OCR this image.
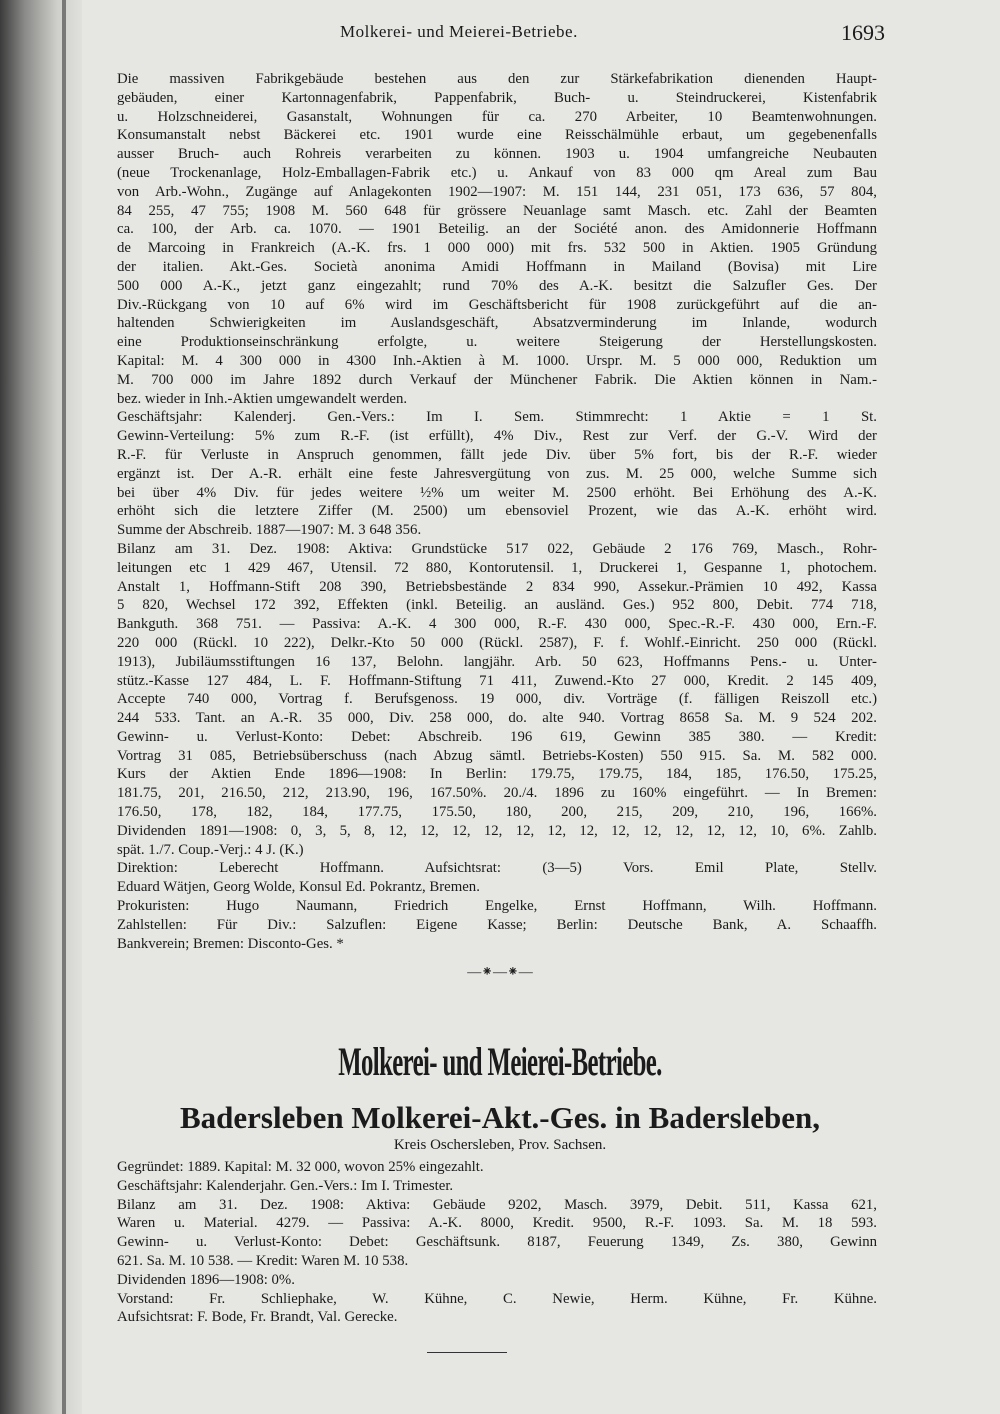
Molkerei- und Meierei-Betriebe.	1693
Die massiven Fabrikgebäude bestehen aus den zur Stärkefabrikation dienenden Haupt-
gebäuden, einer Kartonnagenfabrik, Pappenfabrik, Buch- u. Steindruckerei, Kistenfabrik
u. Holzschneiderei, Gasanstalt, Wohnungen für ca. 270 Arbeiter, 10 Beamtenwohnungen.
Konsumanstalt nebst Bäckerei etc. 1901 wurde eine Reisschälmühle erbaut, um gegebenenfalls
ausser Bruch- auch Rohreis verarbeiten zu können. 1903 u. 1904 umfangreiche Neubauten
(neue Trockenanlage, Holz-Emballagen-Fabrik etc.) u. Ankauf von 83 000 qm Areal zum Bau
von Arb.-Wohn., Zugänge auf Anlagekonten 1902—1907: M. 151 144, 231 051, 173 636, 57 804,
84 255, 47 755; 1908 M. 560 648 für grössere Neuanlage samt Masch. etc. Zahl der Beamten
ca. 100, der Arb. ca. 1070. — 1901 Beteilig. an der Société anon. des Amidonnerie Hoffmann
de Marcoing in Frankreich (A.-K. frs. 1 000 000) mit frs. 532 500 in Aktien. 1905 Gründung
der italien. Akt.-Ges. Società anonima Amidi Hoffmann in Mailand (Bovisa) mit Lire
500 000 A.-K., jetzt ganz eingezahlt; rund 70% des A.-K. besitzt die Salzufler Ges. Der
Div.-Rückgang von 10 auf 6% wird im Geschäftsbericht für 1908 zurückgeführt auf die an-
haltenden Schwierigkeiten im Auslandsgeschäft, Absatzverminderung im Inlande, wodurch
eine Produktionseinschränkung erfolgte, u. weitere Steigerung der Herstellungskosten.
Kapital: M. 4 300 000 in 4300 Inh.-Aktien à M. 1000. Urspr. M. 5 000 000, Reduktion um
M. 700 000 im Jahre 1892 durch Verkauf der Münchener Fabrik. Die Aktien können in Nam.-
bez. wieder in Inh.-Aktien umgewandelt werden.
Geschäftsjahr: Kalenderj. Gen.-Vers.: Im I. Sem. Stimmrecht: 1 Aktie = 1 St.
Gewinn-Verteilung: 5% zum R.-F. (ist erfüllt), 4% Div., Rest zur Verf. der G.-V. Wird der
R.-F. für Verluste in Anspruch genommen, fällt jede Div. über 5% fort, bis der R.-F. wieder
ergänzt ist. Der A.-R. erhält eine feste Jahresvergütung von zus. M. 25 000, welche Summe sich
bei über 4% Div. für jedes weitere ½% um weiter M. 2500 erhöht. Bei Erhöhung des A.-K.
erhöht sich die letztere Ziffer (M. 2500) um ebensoviel Prozent, wie das A.-K. erhöht wird.
Summe der Abschreib. 1887—1907: M. 3 648 356.
Bilanz am 31. Dez. 1908: Aktiva: Grundstücke 517 022, Gebäude 2 176 769, Masch., Rohr-
leitungen etc 1 429 467, Utensil. 72 880, Kontorutensil. 1, Druckerei 1, Gespanne 1, photochem.
Anstalt 1, Hoffmann-Stift 208 390, Betriebsbestände 2 834 990, Assekur.-Prämien 10 492, Kassa
5 820, Wechsel 172 392, Effekten (inkl. Beteilig. an ausländ. Ges.) 952 800, Debit. 774 718,
Bankguth. 368 751. — Passiva: A.-K. 4 300 000, R.-F. 430 000, Spec.-R.-F. 430 000, Ern.-F.
220 000 (Rückl. 10 222), Delkr.-Kto 50 000 (Rückl. 2587), F. f. Wohlf.-Einricht. 250 000 (Rückl.
1913), Jubiläumsstiftungen 16 137, Belohn. langjähr. Arb. 50 623, Hoffmanns Pens.- u. Unter-
stütz.-Kasse 127 484, L. F. Hoffmann-Stiftung 71 411, Zuwend.-Kto 27 000, Kredit. 2 145 409,
Accepte 740 000, Vortrag f. Berufsgenoss. 19 000, div. Vorträge (f. fälligen Reiszoll etc.)
244 533. Tant. an A.-R. 35 000, Div. 258 000, do. alte 940. Vortrag 8658 Sa. M. 9 524 202.
Gewinn- u. Verlust-Konto: Debet: Abschreib. 196 619, Gewinn 385 380. — Kredit:
Vortrag 31 085, Betriebsüberschuss (nach Abzug sämtl. Betriebs-Kosten) 550 915. Sa. M. 582 000.
Kurs der Aktien Ende 1896—1908: In Berlin: 179.75, 179.75, 184, 185, 176.50, 175.25,
181.75, 201, 216.50, 212, 213.90, 196, 167.50%. 20./4. 1896 zu 160% eingeführt. — In Bremen:
176.50, 178, 182, 184, 177.75, 175.50, 180, 200, 215, 209, 210, 196, 166%.
Dividenden 1891—1908: 0, 3, 5, 8, 12, 12, 12, 12, 12, 12, 12, 12, 12, 12, 12, 12, 10, 6%. Zahlb.
spät. 1./7. Coup.-Verj.: 4 J. (K.)
Direktion: Leberecht Hoffmann. Aufsichtsrat: (3—5) Vors. Emil Plate, Stellv.
Eduard Wätjen, Georg Wolde, Konsul Ed. Pokrantz, Bremen.
Prokuristen: Hugo Naumann, Friedrich Engelke, Ernst Hoffmann, Wilh. Hoffmann.
Zahlstellen: Für Div.: Salzuflen: Eigene Kasse; Berlin: Deutsche Bank, A. Schaaffh.
Bankverein; Bremen: Disconto-Ges. *
—⁕—⁕—
Molkerei- und Meierei-Betriebe.
Badersleben Molkerei-Akt.-Ges. in Badersleben,
Kreis Oschersleben, Prov. Sachsen.
Gegründet: 1889. Kapital: M. 32 000, wovon 25% eingezahlt.
Geschäftsjahr: Kalenderjahr. Gen.-Vers.: Im I. Trimester.
Bilanz am 31. Dez. 1908: Aktiva: Gebäude 9202, Masch. 3979, Debit. 511, Kassa 621,
Waren u. Material. 4279. — Passiva: A.-K. 8000, Kredit. 9500, R.-F. 1093. Sa. M. 18 593.
Gewinn- u. Verlust-Konto: Debet: Geschäftsunk. 8187, Feuerung 1349, Zs. 380, Gewinn
621. Sa. M. 10 538. — Kredit: Waren M. 10 538.
Dividenden 1896—1908: 0%.
Vorstand: Fr. Schliephake, W. Kühne, C. Newie, Herm. Kühne, Fr. Kühne.
Aufsichtsrat: F. Bode, Fr. Brandt, Val. Gerecke.
